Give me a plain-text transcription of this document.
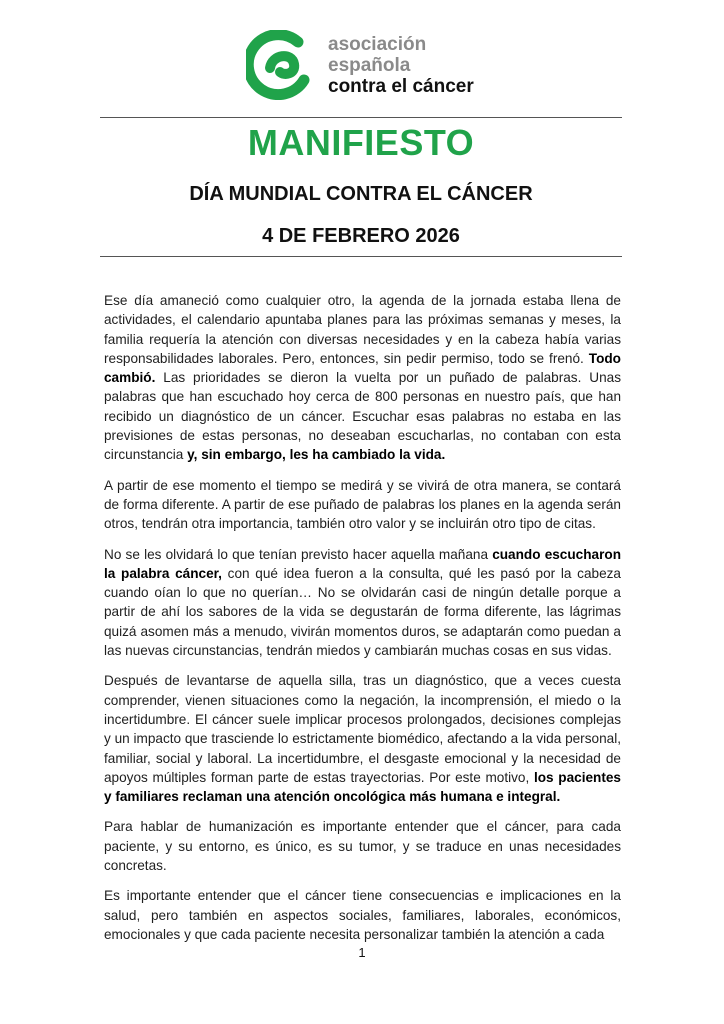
asociación
española
contra el cáncer
MANIFIESTO
DÍA MUNDIAL CONTRA EL CÁNCER
4 DE FEBRERO 2026

Ese día amaneció como cualquier otro, la agenda de la jornada estaba llena de actividades, el calendario apuntaba planes para las próximas semanas y meses, la familia requería la atención con diversas necesidades y en la cabeza había varias responsabilidades laborales. Pero, entonces, sin pedir permiso, todo se frenó. Todo cambió. Las prioridades se dieron la vuelta por un puñado de palabras. Unas palabras que han escuchado hoy cerca de 800 personas en nuestro país, que han recibido un diagnóstico de un cáncer. Escuchar esas palabras no estaba en las previsiones de estas personas, no deseaban escucharlas, no contaban con esta circunstancia y, sin embargo, les ha cambiado la vida.

A partir de ese momento el tiempo se medirá y se vivirá de otra manera, se contará de forma diferente. A partir de ese puñado de palabras los planes en la agenda serán otros, tendrán otra importancia, también otro valor y se incluirán otro tipo de citas.

No se les olvidará lo que tenían previsto hacer aquella mañana cuando escucharon la palabra cáncer, con qué idea fueron a la consulta, qué les pasó por la cabeza cuando oían lo que no querían… No se olvidarán casi de ningún detalle porque a partir de ahí los sabores de la vida se degustarán de forma diferente, las lágrimas quizá asomen más a menudo, vivirán momentos duros, se adaptarán como puedan a las nuevas circunstancias, tendrán miedos y cambiarán muchas cosas en sus vidas.

Después de levantarse de aquella silla, tras un diagnóstico, que a veces cuesta comprender, vienen situaciones como la negación, la incomprensión, el miedo o la incertidumbre. El cáncer suele implicar procesos prolongados, decisiones complejas y un impacto que trasciende lo estrictamente biomédico, afectando a la vida personal, familiar, social y laboral. La incertidumbre, el desgaste emocional y la necesidad de apoyos múltiples forman parte de estas trayectorias. Por este motivo, los pacientes y familiares reclaman una atención oncológica más humana e integral.

Para hablar de humanización es importante entender que el cáncer, para cada paciente, y su entorno, es único, es su tumor, y se traduce en unas necesidades concretas.

Es importante entender que el cáncer tiene consecuencias e implicaciones en la salud, pero también en aspectos sociales, familiares, laborales, económicos, emocionales y que cada paciente necesita personalizar también la atención a cada

1
